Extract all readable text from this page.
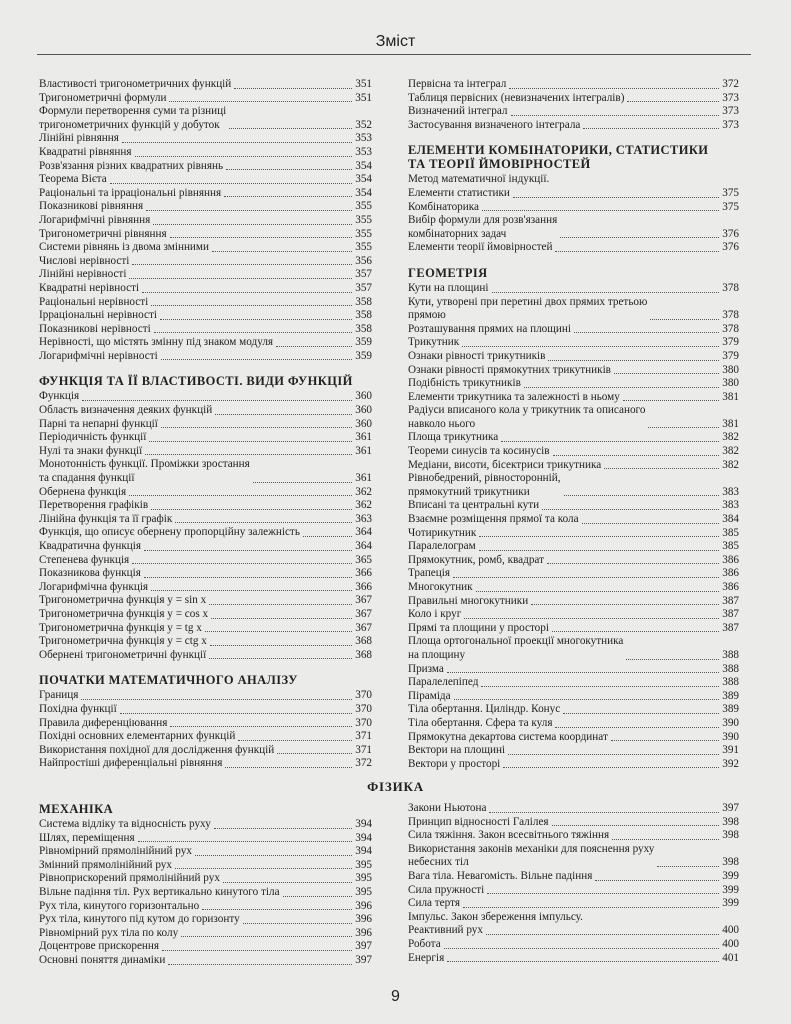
Зміст
Властивості тригонометричних функцій	351
Тригонометричні формули	351
Формули перетворення суми та різниці
тригонометричних функцій у добуток	352
Лінійні рівняння	353
Квадратні рівняння	353
Розв'язання різних квадратних рівнянь	354
Теорема Вієта	354
Раціональні та ірраціональні рівняння	354
Показникові рівняння	355
Логарифмічні рівняння	355
Тригонометричні рівняння	355
Системи рівнянь із двома змінними	355
Числові нерівності	356
Лінійні нерівності	357
Квадратні нерівності	357
Раціональні нерівності	358
Ірраціональні нерівності	358
Показникові нерівності	358
Нерівності, що містять змінну під знаком модуля	359
Логарифмічні нерівності	359
ФУНКЦІЯ ТА ЇЇ ВЛАСТИВОСТІ. ВИДИ ФУНКЦІЙ
Функція	360
Область визначення деяких функцій	360
Парні та непарні функції	360
Періодичність функції	361
Нулі та знаки функції	361
Монотонність функції. Проміжки зростання
та спадання функції	361
Обернена функція	362
Перетворення графіків	362
Лінійна функція та її графік	363
Функція, що описує обернену пропорційну залежність	364
Квадратична функція	364
Степенева функція	365
Показникова функція	366
Логарифмічна функція	366
Тригонометрична функція y = sin x	367
Тригонометрична функція y = cos x	367
Тригонометрична функція y = tg x	367
Тригонометрична функція y = ctg x	368
Обернені тригонометричні функції	368
ПОЧАТКИ МАТЕМАТИЧНОГО АНАЛІЗУ
Границя	370
Похідна функції	370
Правила диференціювання	370
Похідні основних елементарних функцій	371
Використання похідної для дослідження функцій	371
Найпростіші диференціальні рівняння	372
Первісна та інтеграл	372
Таблиця первісних (невизначених інтегралів)	373
Визначений інтеграл	373
Застосування визначеного інтеграла	373
ЕЛЕМЕНТИ КОМБІНАТОРИКИ, СТАТИСТИКИ
ТА ТЕОРІЇ ЙМОВІРНОСТЕЙ
Метод математичної індукції.
Елементи статистики	375
Комбінаторика	375
Вибір формули для розв'язання
комбінаторних задач	376
Елементи теорії ймовірностей	376
ГЕОМЕТРІЯ
Кути на площині	378
Кути, утворені при перетині двох прямих третьою
прямою	378
Розташування прямих на площині	378
Трикутник	379
Ознаки рівності трикутників	379
Ознаки рівності прямокутних трикутників	380
Подібність трикутників	380
Елементи трикутника та залежності в ньому	381
Радіуси вписаного кола у трикутник та описаного
навколо нього	381
Площа трикутника	382
Теореми синусів та косинусів	382
Медіани, висоти, бісектриси трикутника	382
Рівнобедрений, рівносторонній,
прямокутний трикутники	383
Вписані та центральні кути	383
Взаємне розміщення прямої та кола	384
Чотирикутник	385
Паралелограм	385
Прямокутник, ромб, квадрат	386
Трапеція	386
Многокутник	386
Правильні многокутники	387
Коло і круг	387
Прямі та площини у просторі	387
Площа ортогональної проекції многокутника
на площину	388
Призма	388
Паралелепіпед	388
Піраміда	389
Тіла обертання. Циліндр. Конус	389
Тіла обертання. Сфера та куля	390
Прямокутна декартова система координат	390
Вектори на площині	391
Вектори у просторі	392
ФІЗИКА
МЕХАНІКА
Система відліку та відносність руху	394
Шлях, переміщення	394
Рівномірний прямолінійний рух	394
Змінний прямолінійний рух	395
Рівноприскорений прямолінійний рух	395
Вільне падіння тіл. Рух вертикально кинутого тіла	395
Рух тіла, кинутого горизонтально	396
Рух тіла, кинутого під кутом до горизонту	396
Рівномірний рух тіла по колу	396
Доцентрове прискорення	397
Основні поняття динаміки	397
Закони Ньютона	397
Принцип відносності Галілея	398
Сила тяжіння. Закон всесвітнього тяжіння	398
Використання законів механіки для пояснення руху
небесних тіл	398
Вага тіла. Невагомість. Вільне падіння	399
Сила пружності	399
Сила тертя	399
Імпульс. Закон збереження імпульсу.
Реактивний рух	400
Робота	400
Енергія	401
9
